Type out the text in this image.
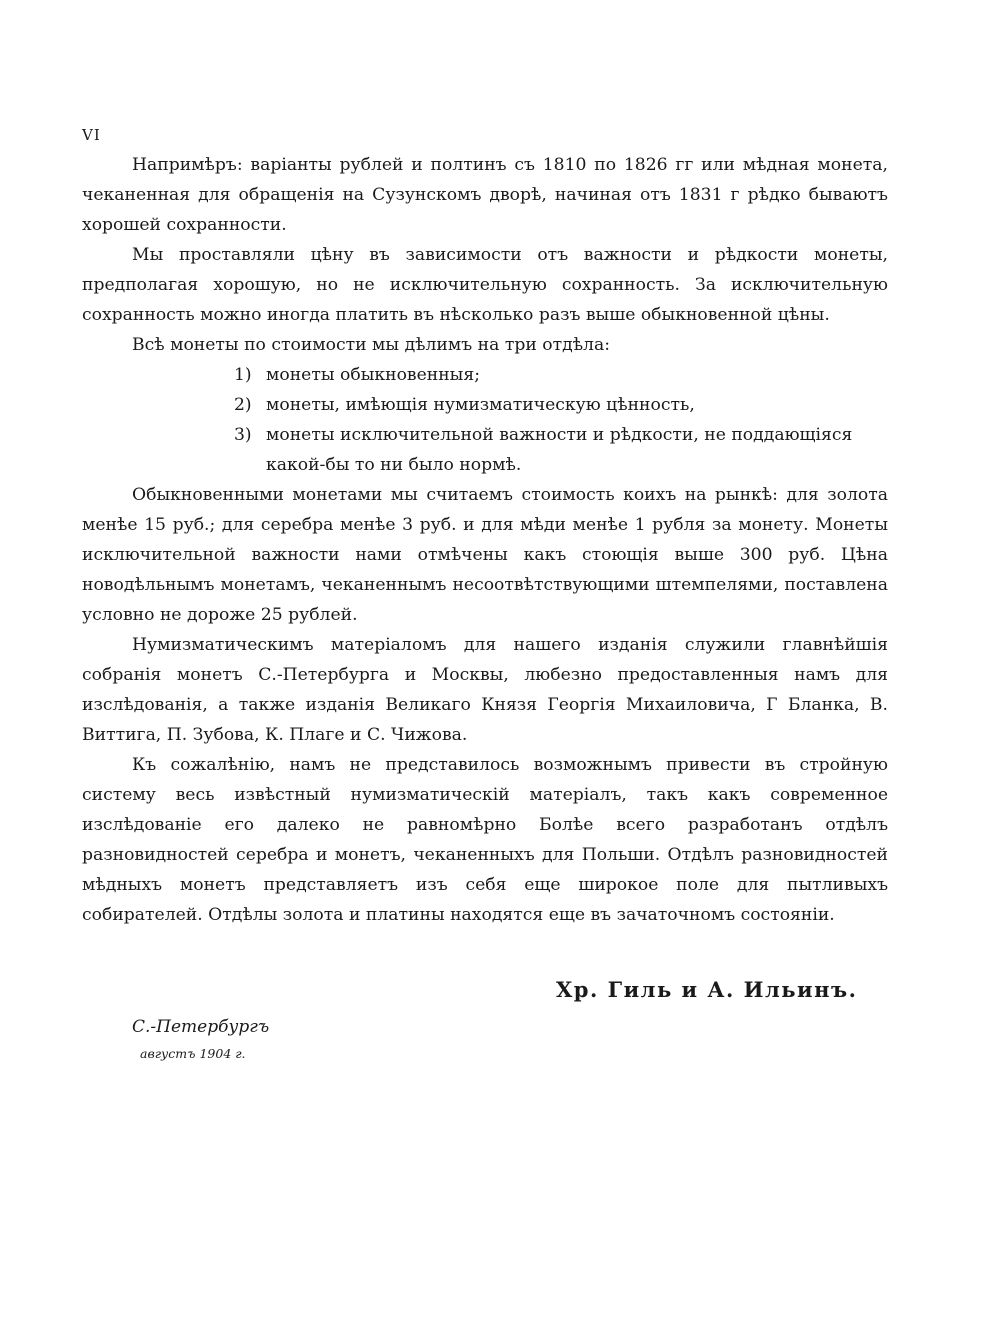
VI

Напримѣръ: варіанты рублей и полтинъ съ 1810 по 1826 гг или мѣдная монета, чеканенная для обращенія на Сузунскомъ дворѣ, начиная отъ 1831 г рѣдко бываютъ хорошей сохранности.

Мы проставляли цѣну въ зависимости отъ важности и рѣдкости монеты, предполагая хорошую, но не исключительную сохранность. За исключительную сохранность можно иногда платить въ нѣсколько разъ выше обыкновенной цѣны.

Всѣ монеты по стоимости мы дѣлимъ на три отдѣла:

1) монеты обыкновенныя;
2) монеты, имѣющія нумизматическую цѣнность,
3) монеты исключительной важности и рѣдкости, не поддающіяся какой-бы то ни было нормѣ.

Обыкновенными монетами мы считаемъ стоимость коихъ на рынкѣ: для золота менѣе 15 руб.; для серебра менѣе 3 руб. и для мѣди менѣе 1 рубля за монету. Монеты исключительной важности нами отмѣчены какъ стоющія выше 300 руб. Цѣна новодѣльнымъ монетамъ, чеканеннымъ несоотвѣтствующими штемпелями, поставлена условно не дороже 25 рублей.

Нумизматическимъ матеріаломъ для нашего изданія служили главнѣйшія собранія монетъ С.-Петербурга и Москвы, любезно предоставленныя намъ для изслѣдованія, а также изданія Великаго Князя Георгія Михаиловича, Г Бланка, В. Виттига, П. Зубова, К. Плаге и С. Чижова.

Къ сожалѣнію, намъ не представилось возможнымъ привести въ стройную систему весь извѣстный нумизматическій матеріалъ, такъ какъ современное изслѣдованіе его далеко не равномѣрно Болѣе всего разработанъ отдѣлъ разновидностей серебра и монетъ, чеканенныхъ для Польши. Отдѣлъ разновидностей мѣдныхъ монетъ представляетъ изъ себя еще широкое поле для пытливыхъ собирателей. Отдѣлы золота и платины находятся еще въ зачаточномъ состояніи.

Хр. Гиль и А. Ильинъ.
С.-Петербургъ
августъ 1904 г.
